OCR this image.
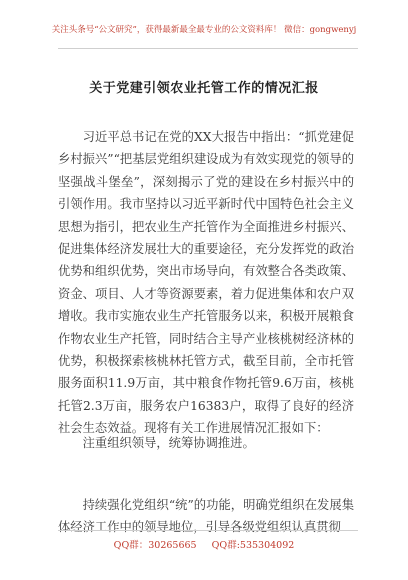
关注头条号“公文研究”，获得最新最全最专业的公文资料库！ 微信：gongwenyj
关于党建引领农业托管工作的情况汇报

习近平总书记在党的XX大报告中指出：“抓党建促乡村振兴”“把基层党组织建设成为有效实现党的领导的坚强战斗堡垒”，深刻揭示了党的建设在乡村振兴中的引领作用。我市坚持以习近平新时代中国特色社会主义思想为指引，把农业生产托管作为全面推进乡村振兴、促进集体经济发展壮大的重要途径，充分发挥党的政治优势和组织优势，突出市场导向，有效整合各类政策、资金、项目、人才等资源要素，着力促进集体和农户双增收。我市实施农业生产托管服务以来，积极开展粮食作物农业生产托管，同时结合主导产业核桃树经济林的优势，积极探索核桃林托管方式，截至目前，全市托管服务面积11.9万亩，其中粮食作物托管9.6万亩，核桃托管2.3万亩，服务农户16383户，取得了良好的经济社会生态效益。现将有关工作进展情况汇报如下：

注重组织领导，统筹协调推进。

持续强化党组织“统”的功能，明确党组织在发展集体经济工作中的领导地位，引导各级党组织认真贯彻

QQ群：30265665 QQ群:535304092
